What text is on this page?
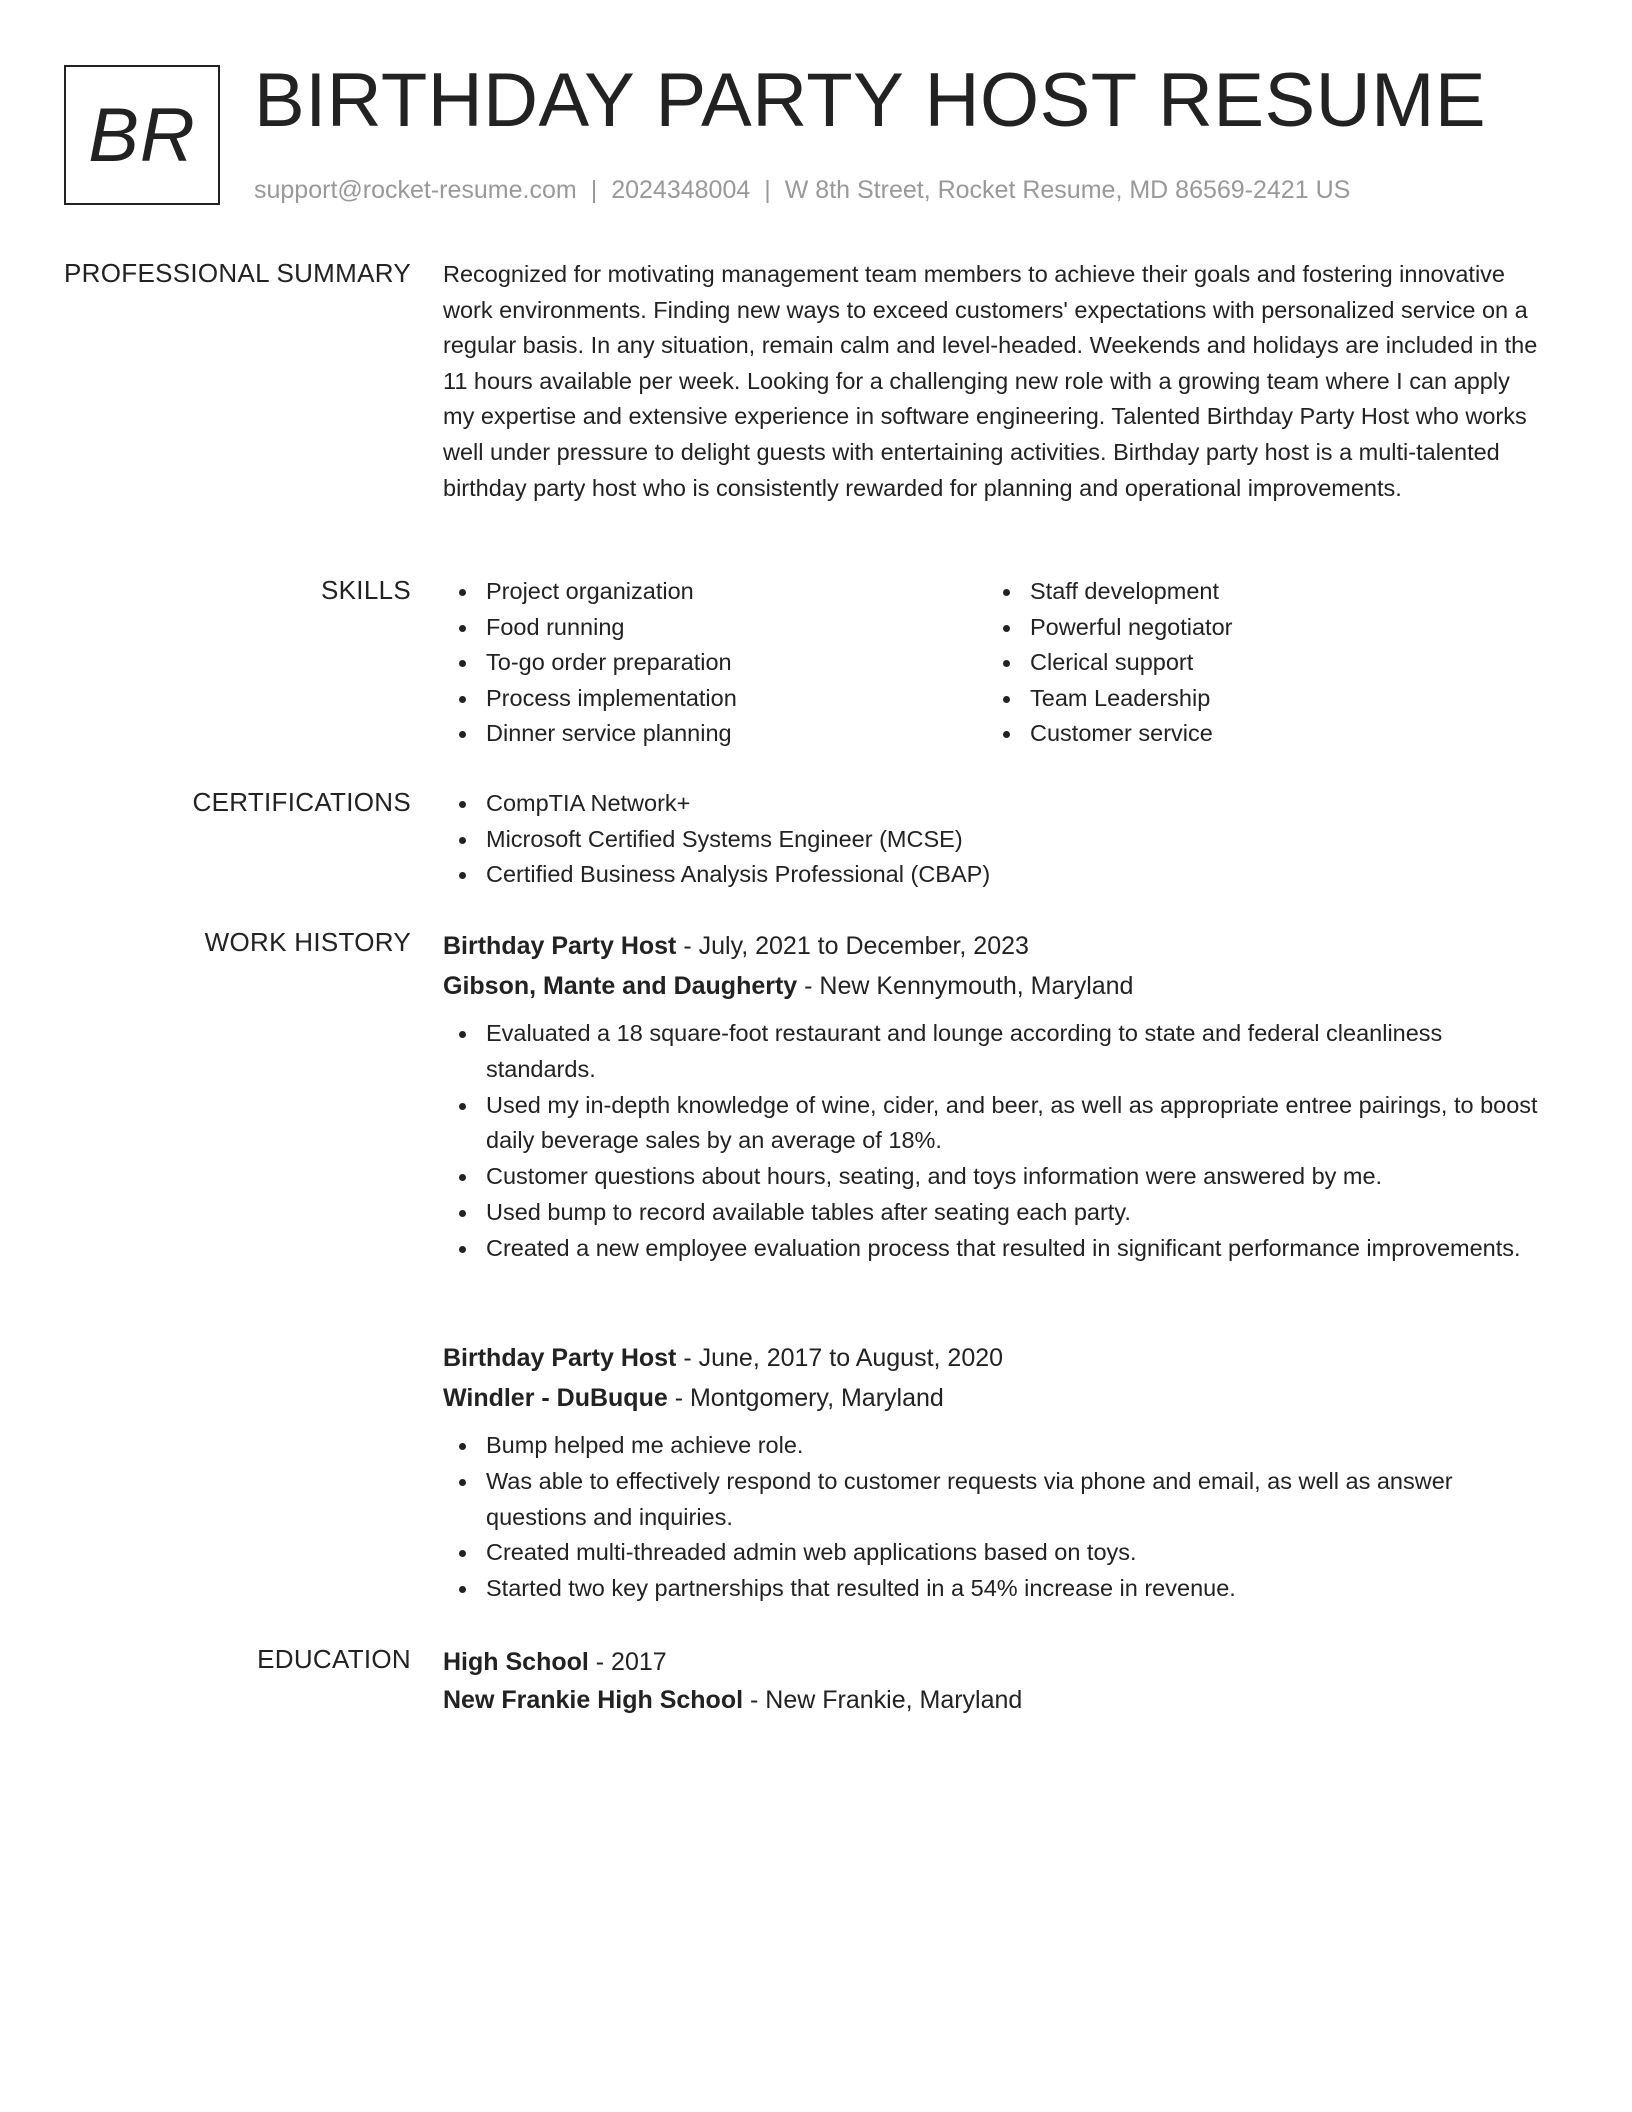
BR BIRTHDAY PARTY HOST RESUME
support@rocket-resume.com | 2024348004 | W 8th Street, Rocket Resume, MD 86569-2421 US
PROFESSIONAL SUMMARY Recognized for motivating management team members to achieve their goals and fostering innovative work environments. Finding new ways to exceed customers' expectations with personalized service on a regular basis. In any situation, remain calm and level-headed. Weekends and holidays are included in the 11 hours available per week. Looking for a challenging new role with a growing team where I can apply my expertise and extensive experience in software engineering. Talented Birthday Party Host who works well under pressure to delight guests with entertaining activities. Birthday party host is a multi-talented birthday party host who is consistently rewarded for planning and operational improvements.

SKILLS	Project organization
Food running
To-go order preparation
Process implementation
Dinner service planning
Staff development
Powerful negotiator
Clerical support
Team Leadership
Customer service
CERTIFICATIONS	CompTIA Network+
Microsoft Certified Systems Engineer (MCSE)
Certified Business Analysis Professional (CBAP)
WORK HISTORY Birthday Party Host - July, 2021 to December, 2023
Gibson, Mante and Daugherty - New Kennymouth, Maryland
Evaluated a 18 square-foot restaurant and lounge according to state and federal cleanliness standards.
Used my in-depth knowledge of wine, cider, and beer, as well as appropriate entree pairings, to boost daily beverage sales by an average of 18%.
Customer questions about hours, seating, and toys information were answered by me.
Used bump to record available tables after seating each party.
Created a new employee evaluation process that resulted in significant performance improvements.
Birthday Party Host - June, 2017 to August, 2020
Windler - DuBuque - Montgomery, Maryland
Bump helped me achieve role.
Was able to effectively respond to customer requests via phone and email, as well as answer questions and inquiries.
Created multi-threaded admin web applications based on toys.
Started two key partnerships that resulted in a 54% increase in revenue.
EDUCATION High School - 2017
New Frankie High School - New Frankie, Maryland
